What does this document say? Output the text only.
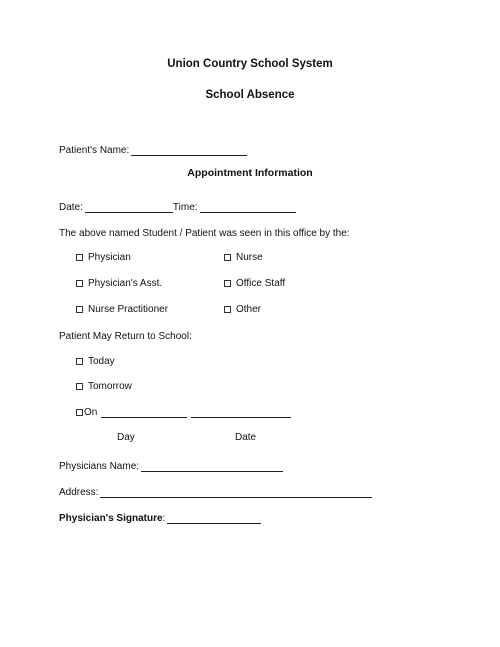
Union Country School System
School Absence
Patient's Name:
Appointment Information
Date:	Time:
The above named Student / Patient was seen in this office by the:
Physician	Nurse
Physician's Asst.	Office Staff
Nurse Practitioner	Other
Patient May Return to School:
Today
Tomorrow
On
Day	Date
Physicians Name:
Address:
Physician's Signature :
